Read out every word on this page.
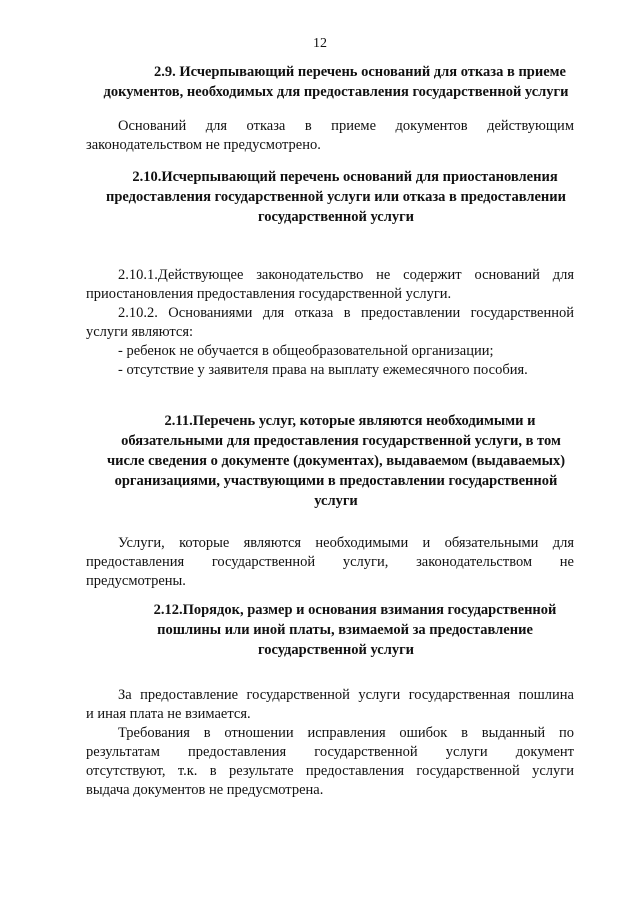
12
2.9. Исчерпывающий перечень оснований для отказа в приеме
документов, необходимых для предоставления государственной услуги
Оснований для отказа в приеме документов действующим
законодательством не предусмотрено.
2.10.Исчерпывающий перечень оснований для приостановления
предоставления государственной услуги или отказа в предоставлении
государственной услуги
2.10.1.Действующее законодательство не содержит оснований для
приостановления предоставления государственной услуги.
2.10.2. Основаниями для отказа в предоставлении государственной
услуги являются:
- ребенок не обучается в общеобразовательной организации;
- отсутствие у заявителя права на выплату ежемесячного пособия.
2.11.Перечень услуг, которые являются необходимыми и
обязательными для предоставления государственной услуги, в том
числе сведения о документе (документах), выдаваемом (выдаваемых)
организациями, участвующими в предоставлении государственной
услуги
Услуги, которые являются необходимыми и обязательными для
предоставления государственной услуги, законодательством не
предусмотрены.
2.12.Порядок, размер и основания взимания государственной
пошлины или иной платы, взимаемой за предоставление
государственной услуги
За предоставление государственной услуги государственная пошлина
и иная плата не взимается.
Требования в отношении исправления ошибок в выданный по
результатам предоставления государственной услуги документ
отсутствуют, т.к. в результате предоставления государственной услуги
выдача документов не предусмотрена.
